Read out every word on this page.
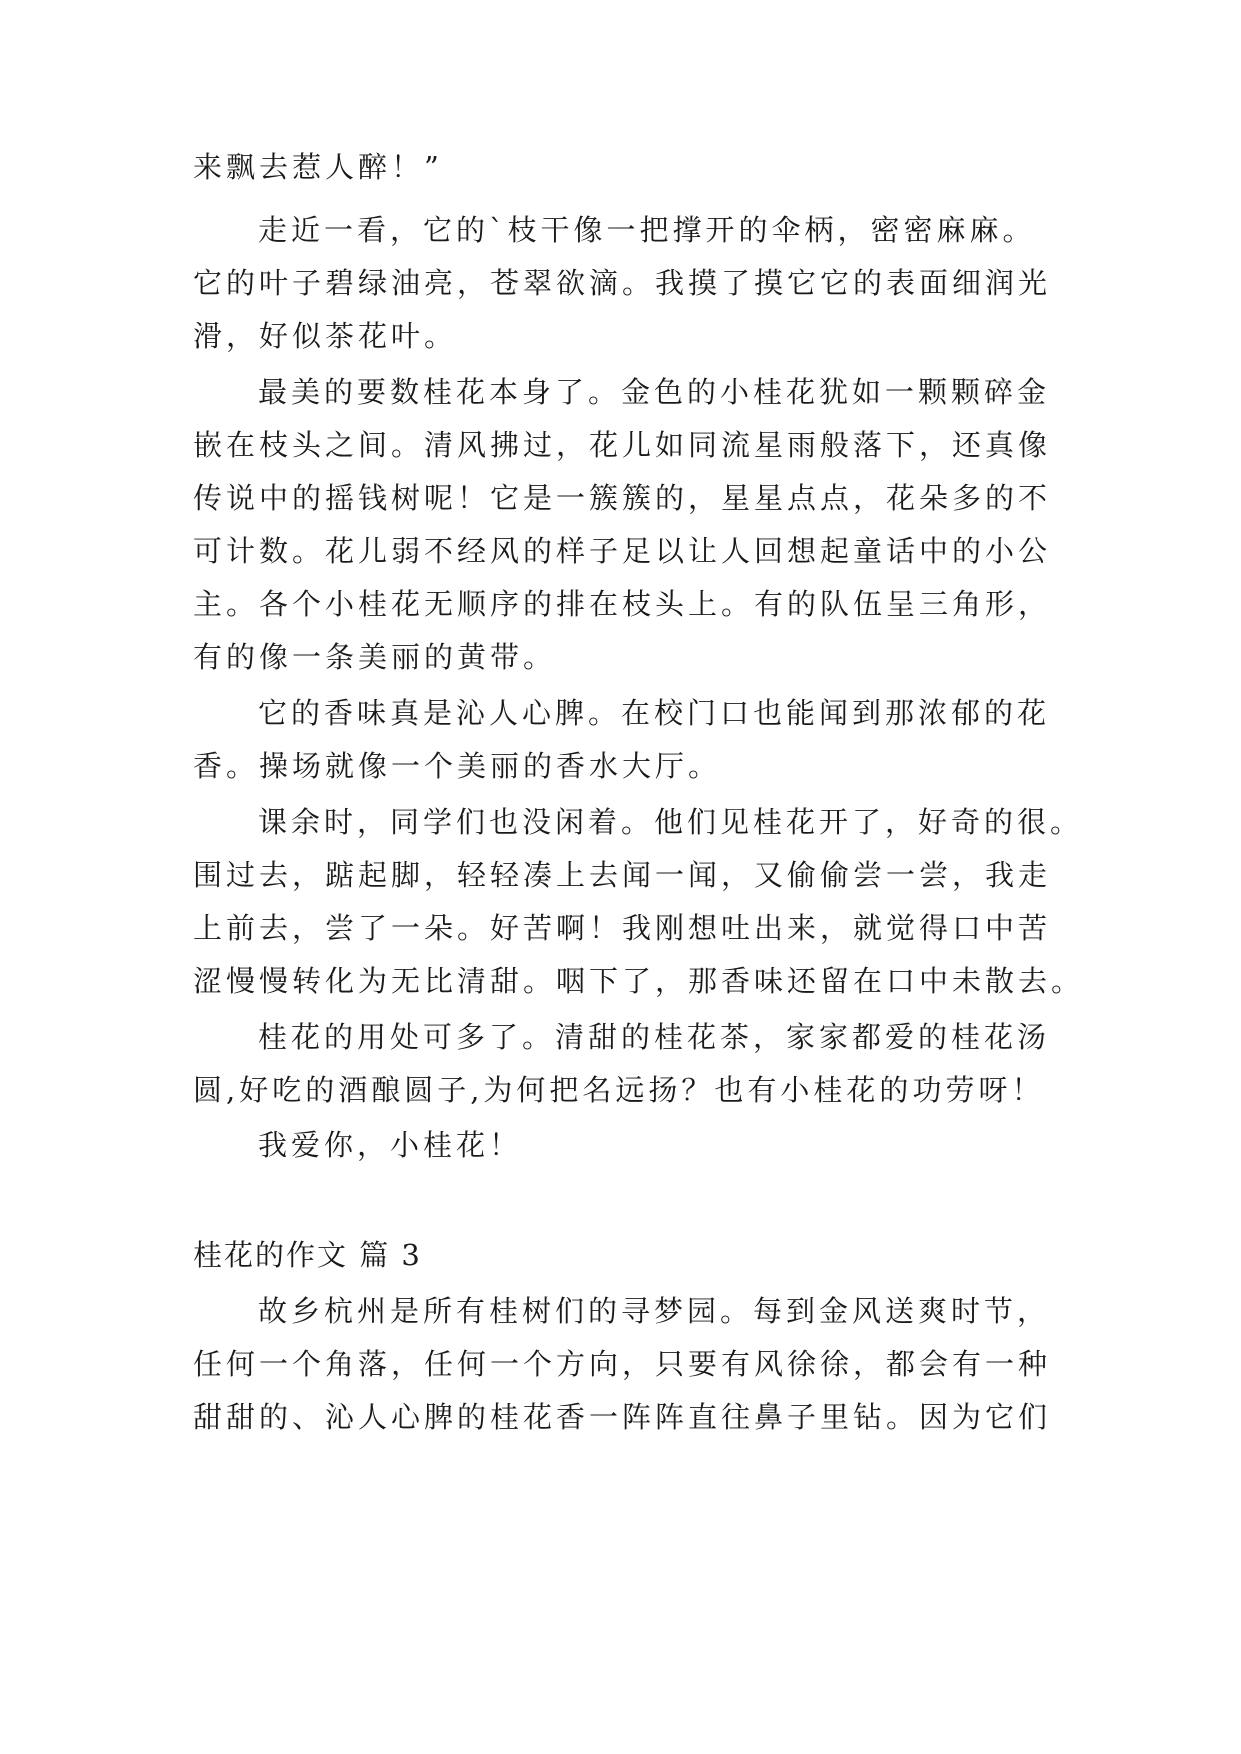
来飘去惹人醉！”
走近一看，它的`枝干像一把撑开的伞柄，密密麻麻。
它的叶子碧绿油亮，苍翠欲滴。我摸了摸它它的表面细润光
滑，好似茶花叶。
最美的要数桂花本身了。金色的小桂花犹如一颗颗碎金
嵌在枝头之间。清风拂过，花儿如同流星雨般落下，还真像
传说中的摇钱树呢！它是一簇簇的，星星点点，花朵多的不
可计数。花儿弱不经风的样子足以让人回想起童话中的小公
主。各个小桂花无顺序的排在枝头上。有的队伍呈三角形，
有的像一条美丽的黄带。
它的香味真是沁人心脾。在校门口也能闻到那浓郁的花
香。操场就像一个美丽的香水大厅。
课余时，同学们也没闲着。他们见桂花开了，好奇的很。
围过去，踮起脚，轻轻凑上去闻一闻，又偷偷尝一尝，我走
上前去，尝了一朵。好苦啊！我刚想吐出来，就觉得口中苦
涩慢慢转化为无比清甜。咽下了，那香味还留在口中未散去。
桂花的用处可多了。清甜的桂花茶，家家都爱的桂花汤
圆,好吃的酒酿圆子,为何把名远扬？也有小桂花的功劳呀！
我爱你，小桂花！
桂花的作文 篇 3
故乡杭州是所有桂树们的寻梦园。每到金风送爽时节，
任何一个角落，任何一个方向，只要有风徐徐，都会有一种
甜甜的、沁人心脾的桂花香一阵阵直往鼻子里钻。因为它们
